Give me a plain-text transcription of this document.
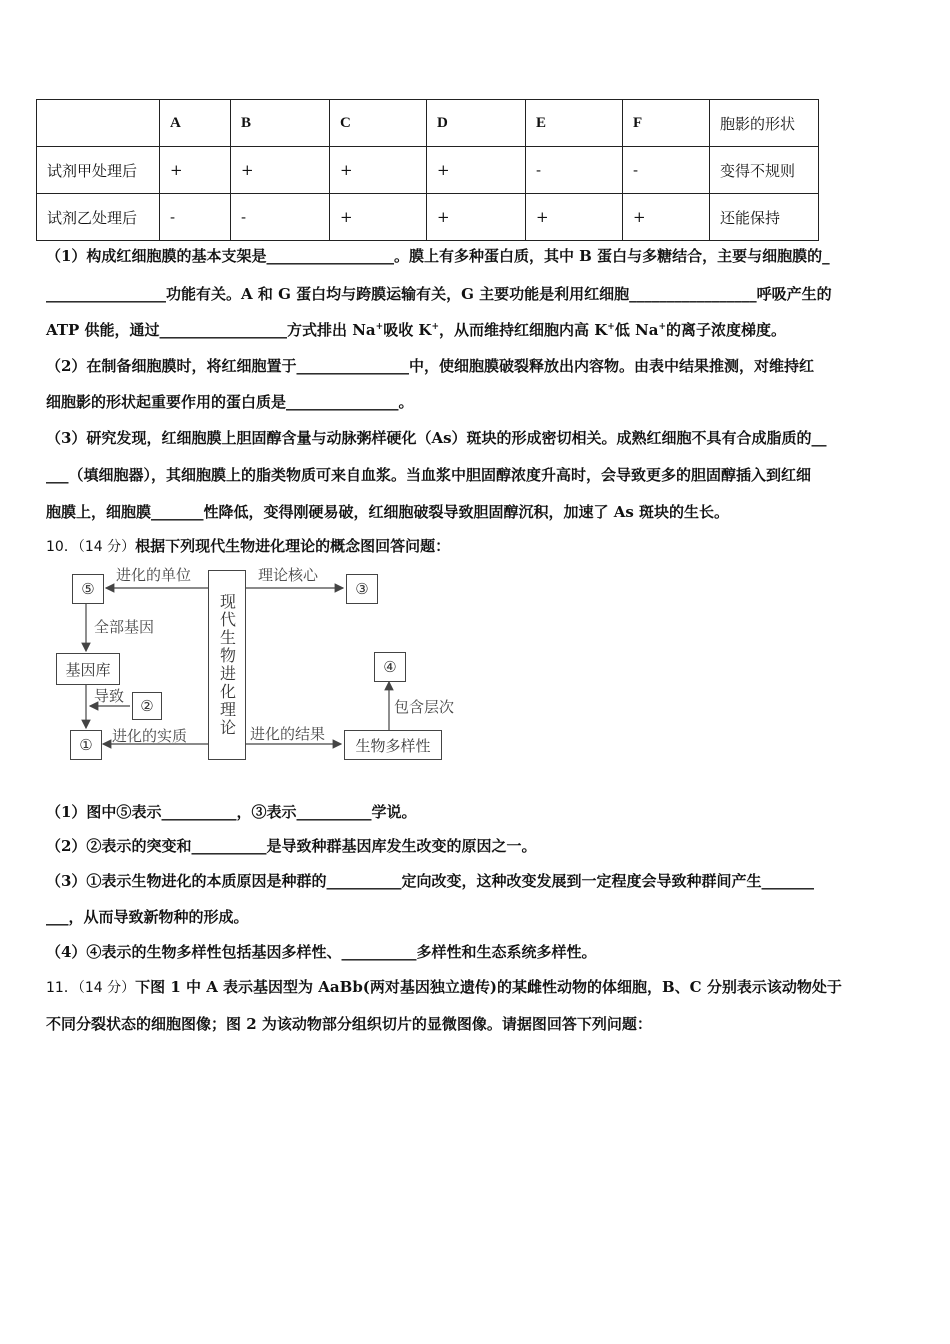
	A	B	C	D	E	F	胞影的形状
试剂甲处理后	+	+	+	+	-	-	变得不规则
试剂乙处理后	-	-	+	+	+	+	还能保持
（1）构成红细胞膜的基本支架是_________________。膜上有多种蛋白质，其中 B 蛋白与多糖结合，主要与细胞膜的_
________________功能有关。A 和 G 蛋白均与跨膜运输有关，G 主要功能是利用红细胞_________________呼吸产生的
ATP 供能，通过_________________方式排出 Na+吸收 K+，从而维持红细胞内高 K+低 Na+的离子浓度梯度。
（2）在制备细胞膜时，将红细胞置于_______________中，使细胞膜破裂释放出内容物。由表中结果推测，对维持红
细胞影的形状起重要作用的蛋白质是_______________。
（3）研究发现，红细胞膜上胆固醇含量与动脉粥样硬化（As）斑块的形成密切相关。成熟红细胞不具有合成脂质的__
___（填细胞器），其细胞膜上的脂类物质可来自血浆。当血浆中胆固醇浓度升高时，会导致更多的胆固醇插入到红细
胞膜上，细胞膜_______性降低，变得刚硬易破，红细胞破裂导致胆固醇沉积，加速了 As 斑块的生长。
10．（14 分）根据下列现代生物进化理论的概念图回答问题：
现代生物进化理论
⑤	③
基因库
②
①	生物多样性
④
进化的单位	理论核心
全部基因
导致
进化的实质	进化的结果
包含层次
（1）图中⑤表示__________，③表示__________学说。
（2）②表示的突变和__________是导致种群基因库发生改变的原因之一。
（3）①表示生物进化的本质原因是种群的__________定向改变，这种改变发展到一定程度会导致种群间产生_______
___，从而导致新物种的形成。
（4）④表示的生物多样性包括基因多样性、__________多样性和生态系统多样性。
11．（14 分）下图 1 中 A 表示基因型为 AaBb(两对基因独立遗传)的某雌性动物的体细胞，B、C 分别表示该动物处于
不同分裂状态的细胞图像；图 2 为该动物部分组织切片的显微图像。请据图回答下列问题：
